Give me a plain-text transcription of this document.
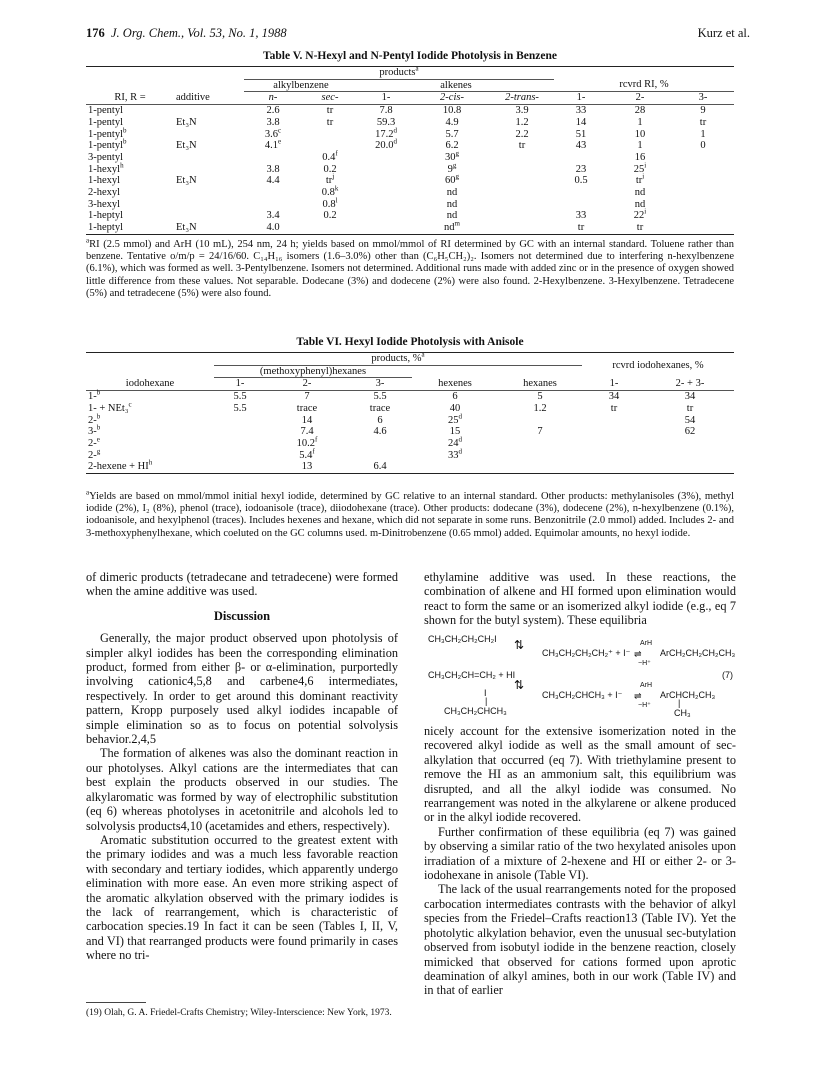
176 J. Org. Chem., Vol. 53, No. 1, 1988	Kurz et al.
Table V. N-Hexyl and N-Pentyl Iodide Photolysis in Benzene
		products$^a$	
		alkylbenzene		alkenes			rcvrd RI, %		
RI, R =	additive	n-	sec-	1-	2-cis-	2-trans-	1-	2-	3-
1-pentyl		2.6	tr	7.8	10.8	3.9	33	28	9
1-pentyl	Et₃N	3.8	tr	59.3	4.9	1.2	14	1	tr
1-pentyl$^b$		3.6$^c$		17.2$^d$	5.7	2.2	51	10	1
1-pentyl$^b$	Et₃N	4.1e		20.0$^d$	6.2	tr	43	1	0
3-pentyl			0.4$^f$		30$^g$			16	
1-hexyl$^h$		3.8	0.2		9$^g$		23	25$^i$	
1-hexyl	Et₃N	4.4	$tr^j$		60$^g$		0.5	$tr^i$	
2-hexyl			0.8$^k$		nd			nd	
3-hexyl			0.8$^l$		nd			nd	
1-heptyl		3.4	0.2		nd		33	22$^i$	
1-heptyl	Et₃N	4.0			$nd^m$		tr	tr	

$^a$RI (2.5 mmol) and ArH (10 mL), 254 nm, 24 h; yields based on mmol/mmol of RI determined by GC with an internal standard. Toluene rather than benzene. Tentative o/m/p = 24/16/60. C₁₄H₁₆ isomers (1.6–3.0%) other than (C₆H₅CH₂)₂. Isomers not determined due to interfering n-hexylbenzene (6.1%), which was formed as well. 3-Pentylbenzene. Isomers not determined. Additional runs made with added zinc or in the presence of oxygen showed little difference from these values. Not separable. Dodecane (3%) and dodecene (2%) were also found. 2-Hexylbenzene. 3-Hexylbenzene. Tetradecene (5%) and tetradecene (5%) were also found.
Table VI. Hexyl Iodide Photolysis with Anisole
	products, %$^a$					rcvrd iodohexanes, %	
	(methoxyphenyl)hexanes						
iodohexane	1-	2-	3-	hexenes	hexanes	1-	2- + 3-
1-$^b$	5.5	7	5.5	6	5	34	34
1- + NEt₃$^c$	5.5	trace	trace	40	1.2	tr	tr
2-$^b$		14	6	25$^d$			54
3-$^b$		7.4	4.6	15	7		62
2-$^e$		10.2$^f$		24$^d$			
2-$^g$		5.4$^f$		33$^d$			
2-hexene + $HI^h$		13	6.4				

$^a$Yields are based on mmol/mmol initial hexyl iodide, determined by GC relative to an internal standard. Other products: methylanisoles (3%), methyl iodide (2%), I₂ (8%), phenol (trace), iodoanisole (trace), diiodohexane (trace). Other products: dodecane (3%), dodecene (2%), n-hexylbenzene (0.1%), iodoanisole, and hexylphenol (traces). Includes hexenes and hexane, which did not separate in some runs. Benzonitrile (2.0 mmol) added. Includes 2- and 3-methoxyphenylhexane, which coeluted on the GC columns used. m-Dinitrobenzene (0.65 mmol) added. Equimolar amounts, no hexyl iodide.

of dimeric products (tetradecane and tetradecene) were formed when the amine additive was used.

Discussion

Generally, the major product observed upon photolysis of simpler alkyl iodides has been the corresponding elimination product, formed from either β- or α-elimination, purportedly involving cationic4,5,8 and carbene4,6 intermediates, respectively. In order to get around this dominant reactivity pattern, Kropp purposely used alkyl iodides incapable of simple elimination so as to focus on potential solvolysis behavior.2,4,5

The formation of alkenes was also the dominant reaction in our photolyses. Alkyl cations are the intermediates that can best explain the products observed in our studies. The alkylaromatic was formed by way of electrophilic substitution (eq 6) whereas photolyses in acetonitrile and alcohols led to solvolysis products4,10 (acetamides and ethers, respectively).

Aromatic substitution occurred to the greatest extent with the primary iodides and was a much less favorable reaction with secondary and tertiary iodides, which apparently undergo elimination with more ease. An even more striking aspect of the aromatic alkylation observed with the primary iodides is the lack of rearrangement, which is characteristic of carbocation species.19 In fact it can be seen (Tables I, II, V, and VI) that rearranged products were found primarily in cases where no tri-

(19) Olah, G. A. Friedel-Crafts Chemistry; Wiley-Interscience: New York, 1973.

ethylamine additive was used. In these reactions, the combination of alkene and HI formed upon elimination would react to form the same or an isomerized alkyl iodide (e.g., eq 7 shown for the butyl system). These equilibria

CH₃CH₂CH₂CH₂I
CH₃CH₂CH₂CH₂⁺ + I⁻
ArH
⇌
−H⁺
ArCH₂CH₂CH₂CH₃
⇅
CH₃CH₂CH=CH₂ + HI	(7)
⇅
CH₃CH₂CHCH₃ + I⁻
ArH
⇌
−H⁺
ArCHCH₂CH₃
|
CH₃
I
|
CH₃CH₂CHCH₃

nicely account for the extensive isomerization noted in the recovered alkyl iodide as well as the small amount of sec-alkylation that occurred (eq 7). With triethylamine present to remove the HI as an ammonium salt, this equilibrium was disrupted, and all the alkyl iodide was consumed. No rearrangement was noted in the alkylarene or alkene produced or in the alkyl iodide recovered.

Further confirmation of these equilibria (eq 7) was gained by observing a similar ratio of the two hexylated anisoles upon irradiation of a mixture of 2-hexene and HI or either 2- or 3-iodohexane in anisole (Table VI).

The lack of the usual rearrangements noted for the proposed carbocation intermediates contrasts with the behavior of alkyl species from the Friedel–Crafts reaction13 (Table IV). Yet the photolytic alkylation behavior, even the unusual sec-butylation observed from isobutyl iodide in the benzene reaction, closely mimicked that observed for cations formed upon aprotic deamination of alkyl amines, both in our work (Table IV) and in that of earlier
